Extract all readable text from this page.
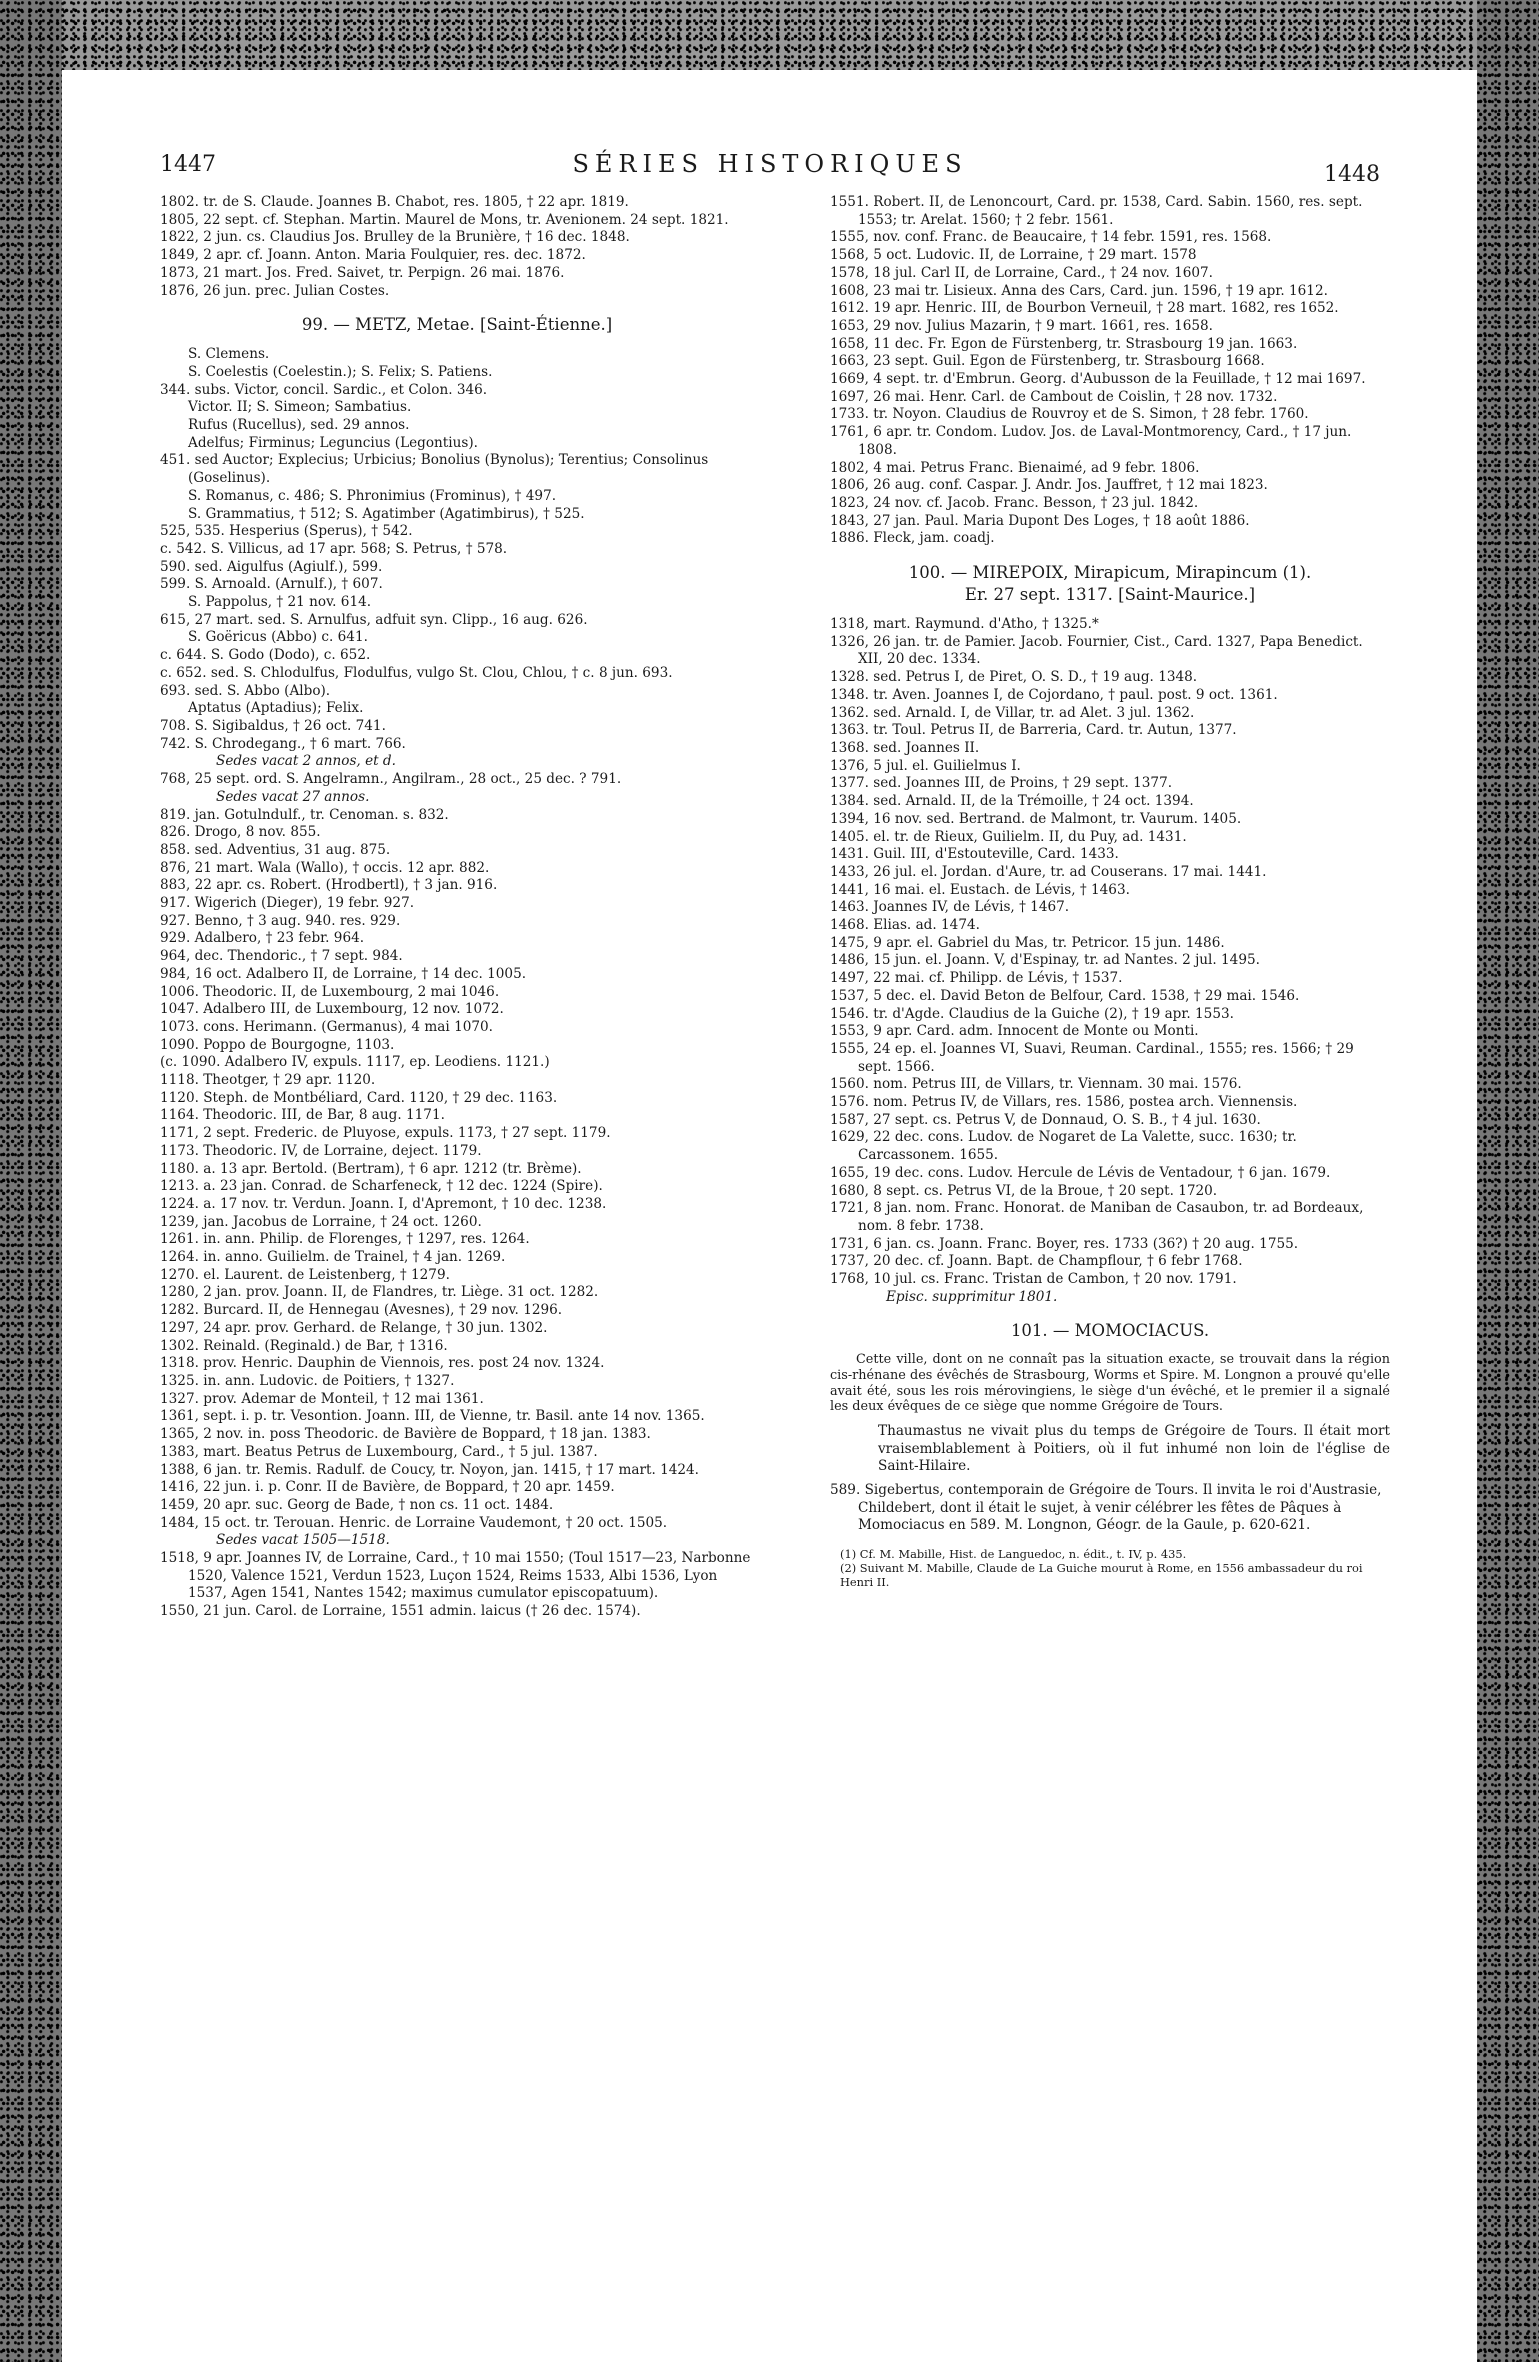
1447	SÉRIES HISTORIQUES	1448

1802. tr. de S. Claude. Joannes B. Chabot, res. 1805, † 22 apr. 1819.

1805, 22 sept. cf. Stephan. Martin. Maurel de Mons, tr. Avenionem. 24 sept. 1821.

1822, 2 jun. cs. Claudius Jos. Brulley de la Brunière, † 16 dec. 1848.

1849, 2 apr. cf. Joann. Anton. Maria Foulquier, res. dec. 1872.

1873, 21 mart. Jos. Fred. Saivet, tr. Perpign. 26 mai. 1876.

1876, 26 jun. prec. Julian Costes.

99. — METZ, Metae. [Saint-Étienne.]

S. Clemens.

S. Coelestis (Coelestin.); S. Felix; S. Patiens.

344. subs. Victor, concil. Sardic., et Colon. 346.

Victor. II; S. Simeon; Sambatius.

Rufus (Rucellus), sed. 29 annos.

Adelfus; Firminus; Leguncius (Legontius).

451. sed Auctor; Explecius; Urbicius; Bonolius (Bynolus); Terentius; Consolinus (Goselinus).

S. Romanus, c. 486; S. Phronimius (Frominus), † 497.

S. Grammatius, † 512; S. Agatimber (Agatimbirus), † 525.

525, 535. Hesperius (Sperus), † 542.

c. 542. S. Villicus, ad 17 apr. 568; S. Petrus, † 578.

590. sed. Aigulfus (Agiulf.), 599.

599. S. Arnoald. (Arnulf.), † 607.

S. Pappolus, † 21 nov. 614.

615, 27 mart. sed. S. Arnulfus, adfuit syn. Clipp., 16 aug. 626.

S. Goëricus (Abbo) c. 641.

c. 644. S. Godo (Dodo), c. 652.

c. 652. sed. S. Chlodulfus, Flodulfus, vulgo St. Clou, Chlou, † c. 8 jun. 693.

693. sed. S. Abbo (Albo).

Aptatus (Aptadius); Felix.

708. S. Sigibaldus, † 26 oct. 741.

742. S. Chrodegang., † 6 mart. 766.

Sedes vacat 2 annos, et d.

768, 25 sept. ord. S. Angelramn., Angilram., 28 oct., 25 dec. ? 791.

Sedes vacat 27 annos.

819. jan. Gotulndulf., tr. Cenoman. s. 832.

826. Drogo, 8 nov. 855.

858. sed. Adventius, 31 aug. 875.

876, 21 mart. Wala (Wallo), † occis. 12 apr. 882.

883, 22 apr. cs. Robert. (Hrodbertl), † 3 jan. 916.

917. Wigerich (Dieger), 19 febr. 927.

927. Benno, † 3 aug. 940. res. 929.

929. Adalbero, † 23 febr. 964.

964, dec. Thendoric., † 7 sept. 984.

984, 16 oct. Adalbero II, de Lorraine, † 14 dec. 1005.

1006. Theodoric. II, de Luxembourg, 2 mai 1046.

1047. Adalbero III, de Luxembourg, 12 nov. 1072.

1073. cons. Herimann. (Germanus), 4 mai 1070.

1090. Poppo de Bourgogne, 1103.

(c. 1090. Adalbero IV, expuls. 1117, ep. Leodiens. 1121.)

1118. Theotger, † 29 apr. 1120.

1120. Steph. de Montbéliard, Card. 1120, † 29 dec. 1163.

1164. Theodoric. III, de Bar, 8 aug. 1171.

1171, 2 sept. Frederic. de Pluyose, expuls. 1173, † 27 sept. 1179.

1173. Theodoric. IV, de Lorraine, deject. 1179.

1180. a. 13 apr. Bertold. (Bertram), † 6 apr. 1212 (tr. Brème).

1213. a. 23 jan. Conrad. de Scharfeneck, † 12 dec. 1224 (Spire).

1224. a. 17 nov. tr. Verdun. Joann. I, d'Apremont, † 10 dec. 1238.

1239, jan. Jacobus de Lorraine, † 24 oct. 1260.

1261. in. ann. Philip. de Florenges, † 1297, res. 1264.

1264. in. anno. Guilielm. de Trainel, † 4 jan. 1269.

1270. el. Laurent. de Leistenberg, † 1279.

1280, 2 jan. prov. Joann. II, de Flandres, tr. Liège. 31 oct. 1282.

1282. Burcard. II, de Hennegau (Avesnes), † 29 nov. 1296.

1297, 24 apr. prov. Gerhard. de Relange, † 30 jun. 1302.

1302. Reinald. (Reginald.) de Bar, † 1316.

1318. prov. Henric. Dauphin de Viennois, res. post 24 nov. 1324.

1325. in. ann. Ludovic. de Poitiers, † 1327.

1327. prov. Ademar de Monteil, † 12 mai 1361.

1361, sept. i. p. tr. Vesontion. Joann. III, de Vienne, tr. Basil. ante 14 nov. 1365.

1365, 2 nov. in. poss Theodoric. de Bavière de Boppard, † 18 jan. 1383.

1383, mart. Beatus Petrus de Luxembourg, Card., † 5 jul. 1387.

1388, 6 jan. tr. Remis. Radulf. de Coucy, tr. Noyon, jan. 1415, † 17 mart. 1424.

1416, 22 jun. i. p. Conr. II de Bavière, de Boppard, † 20 apr. 1459.

1459, 20 apr. suc. Georg de Bade, † non cs. 11 oct. 1484.

1484, 15 oct. tr. Terouan. Henric. de Lorraine Vaudemont, † 20 oct. 1505.

Sedes vacat 1505—1518.

1518, 9 apr. Joannes IV, de Lorraine, Card., † 10 mai 1550; (Toul 1517—23, Narbonne 1520, Valence 1521, Verdun 1523, Luçon 1524, Reims 1533, Albi 1536, Lyon 1537, Agen 1541, Nantes 1542; maximus cumulator episcopatuum).

1550, 21 jun. Carol. de Lorraine, 1551 admin. laicus († 26 dec. 1574).

1551. Robert. II, de Lenoncourt, Card. pr. 1538, Card. Sabin. 1560, res. sept. 1553; tr. Arelat. 1560; † 2 febr. 1561.

1555, nov. conf. Franc. de Beaucaire, † 14 febr. 1591, res. 1568.

1568, 5 oct. Ludovic. II, de Lorraine, † 29 mart. 1578

1578, 18 jul. Carl II, de Lorraine, Card., † 24 nov. 1607.

1608, 23 mai tr. Lisieux. Anna des Cars, Card. jun. 1596, † 19 apr. 1612.

1612. 19 apr. Henric. III, de Bourbon Verneuil, † 28 mart. 1682, res 1652.

1653, 29 nov. Julius Mazarin, † 9 mart. 1661, res. 1658.

1658, 11 dec. Fr. Egon de Fürstenberg, tr. Strasbourg 19 jan. 1663.

1663, 23 sept. Guil. Egon de Fürstenberg, tr. Strasbourg 1668.

1669, 4 sept. tr. d'Embrun. Georg. d'Aubusson de la Feuillade, † 12 mai 1697.

1697, 26 mai. Henr. Carl. de Cambout de Coislin, † 28 nov. 1732.

1733. tr. Noyon. Claudius de Rouvroy et de S. Simon, † 28 febr. 1760.

1761, 6 apr. tr. Condom. Ludov. Jos. de Laval-Montmorency, Card., † 17 jun. 1808.

1802, 4 mai. Petrus Franc. Bienaimé, ad 9 febr. 1806.

1806, 26 aug. conf. Caspar. J. Andr. Jos. Jauffret, † 12 mai 1823.

1823, 24 nov. cf. Jacob. Franc. Besson, † 23 jul. 1842.

1843, 27 jan. Paul. Maria Dupont Des Loges, † 18 août 1886.

1886. Fleck, jam. coadj.

100. — MIREPOIX, Mirapicum, Mirapincum (1).
Er. 27 sept. 1317. [Saint-Maurice.]

1318, mart. Raymund. d'Atho, † 1325.*

1326, 26 jan. tr. de Pamier. Jacob. Fournier, Cist., Card. 1327, Papa Benedict. XII, 20 dec. 1334.

1328. sed. Petrus I, de Piret, O. S. D., † 19 aug. 1348.

1348. tr. Aven. Joannes I, de Cojordano, † paul. post. 9 oct. 1361.

1362. sed. Arnald. I, de Villar, tr. ad Alet. 3 jul. 1362.

1363. tr. Toul. Petrus II, de Barreria, Card. tr. Autun, 1377.

1368. sed. Joannes II.

1376, 5 jul. el. Guilielmus I.

1377. sed. Joannes III, de Proins, † 29 sept. 1377.

1384. sed. Arnald. II, de la Trémoille, † 24 oct. 1394.

1394, 16 nov. sed. Bertrand. de Malmont, tr. Vaurum. 1405.

1405. el. tr. de Rieux, Guilielm. II, du Puy, ad. 1431.

1431. Guil. III, d'Estouteville, Card. 1433.

1433, 26 jul. el. Jordan. d'Aure, tr. ad Couserans. 17 mai. 1441.

1441, 16 mai. el. Eustach. de Lévis, † 1463.

1463. Joannes IV, de Lévis, † 1467.

1468. Elias. ad. 1474.

1475, 9 apr. el. Gabriel du Mas, tr. Petricor. 15 jun. 1486.

1486, 15 jun. el. Joann. V, d'Espinay, tr. ad Nantes. 2 jul. 1495.

1497, 22 mai. cf. Philipp. de Lévis, † 1537.

1537, 5 dec. el. David Beton de Belfour, Card. 1538, † 29 mai. 1546.

1546. tr. d'Agde. Claudius de la Guiche (2), † 19 apr. 1553.

1553, 9 apr. Card. adm. Innocent de Monte ou Monti.

1555, 24 ep. el. Joannes VI, Suavi, Reuman. Cardinal., 1555; res. 1566; † 29 sept. 1566.

1560. nom. Petrus III, de Villars, tr. Viennam. 30 mai. 1576.

1576. nom. Petrus IV, de Villars, res. 1586, postea arch. Viennensis.

1587, 27 sept. cs. Petrus V, de Donnaud, O. S. B., † 4 jul. 1630.

1629, 22 dec. cons. Ludov. de Nogaret de La Valette, succ. 1630; tr. Carcassonem. 1655.

1655, 19 dec. cons. Ludov. Hercule de Lévis de Ventadour, † 6 jan. 1679.

1680, 8 sept. cs. Petrus VI, de la Broue, † 20 sept. 1720.

1721, 8 jan. nom. Franc. Honorat. de Maniban de Casaubon, tr. ad Bordeaux, nom. 8 febr. 1738.

1731, 6 jan. cs. Joann. Franc. Boyer, res. 1733 (36?) † 20 aug. 1755.

1737, 20 dec. cf. Joann. Bapt. de Champflour, † 6 febr 1768.

1768, 10 jul. cs. Franc. Tristan de Cambon, † 20 nov. 1791.

Episc. supprimitur 1801.

101. — MOMOCIACUS.

Cette ville, dont on ne connaît pas la situation exacte, se trouvait dans la région cis-rhénane des évêchés de Strasbourg, Worms et Spire. M. Longnon a prouvé qu'elle avait été, sous les rois mérovingiens, le siège d'un évêché, et le premier il a signalé les deux évêques de ce siège que nomme Grégoire de Tours.

Thaumastus ne vivait plus du temps de Grégoire de Tours. Il était mort vraisemblablement à Poitiers, où il fut inhumé non loin de l'église de Saint-Hilaire.

589. Sigebertus, contemporain de Grégoire de Tours. Il invita le roi d'Austrasie, Childebert, dont il était le sujet, à venir célébrer les fêtes de Pâques à Momociacus en 589. M. Longnon, Géogr. de la Gaule, p. 620-621.

(1) Cf. M. Mabille, Hist. de Languedoc, n. édit., t. IV, p. 435.

(2) Suivant M. Mabille, Claude de La Guiche mourut à Rome, en 1556 ambassadeur du roi Henri II.
